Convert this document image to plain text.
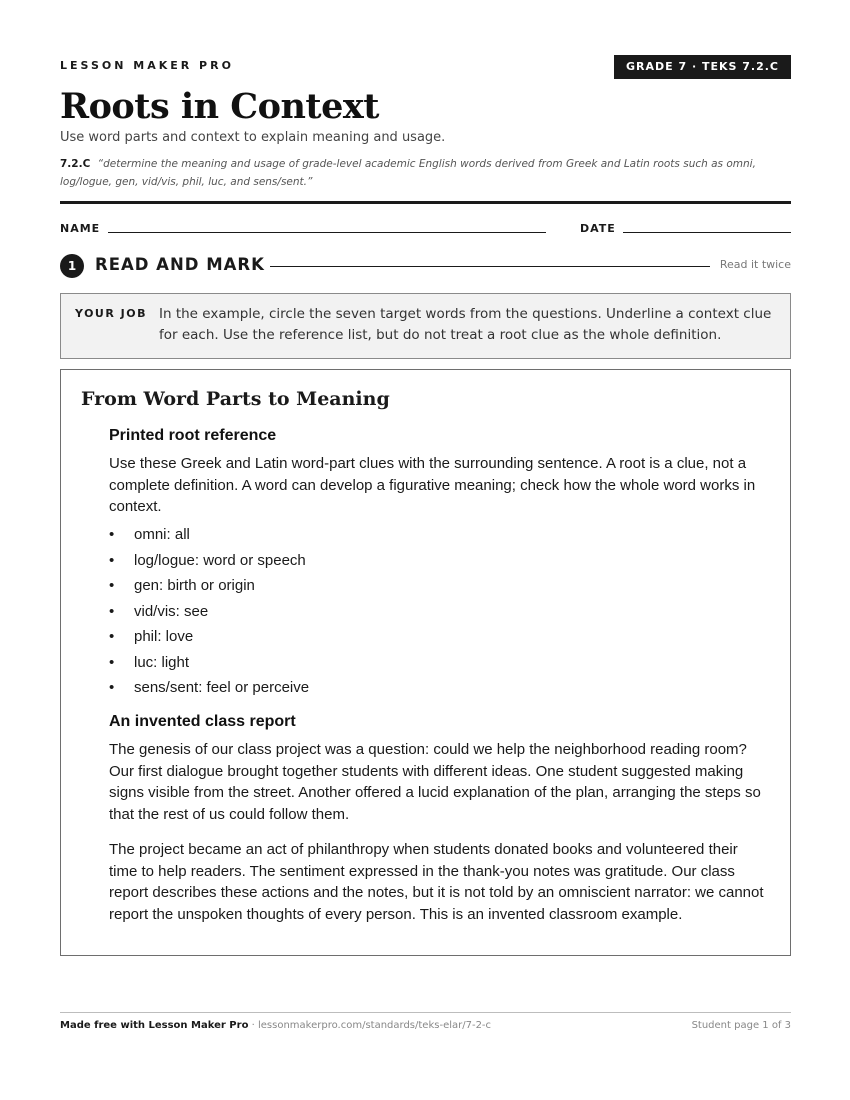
LESSON MAKER PRO	GRADE 7 · TEKS 7.2.C
Roots in Context

Use word parts and context to explain meaning and usage.

7.2.C “determine the meaning and usage of grade-level academic English words derived from Greek and Latin roots such as omni, log/logue, gen, vid/vis, phil, luc, and sens/sent.”

NAME	DATE
1	READ AND MARK	Read it twice
YOUR JOB In the example, circle the seven target words from the questions. Underline a context clue for each. Use the reference list, but do not treat a root clue as the whole definition.

From Word Parts to Meaning
Printed root reference

Use these Greek and Latin word-part clues with the surrounding sentence. A root is a clue, not a complete definition. A word can develop a figurative meaning; check how the whole word works in context.

• omni: all
• log/logue: word or speech
• gen: birth or origin
• vid/vis: see
• phil: love
• luc: light
• sens/sent: feel or perceive
An invented class report

The genesis of our class project was a question: could we help the neighborhood reading room? Our first dialogue brought together students with different ideas. One student suggested making signs visible from the street. Another offered a lucid explanation of the plan, arranging the steps so that the rest of us could follow them.

The project became an act of philanthropy when students donated books and volunteered their time to help readers. The sentiment expressed in the thank-you notes was gratitude. Our class report describes these actions and the notes, but it is not told by an omniscient narrator: we cannot report the unspoken thoughts of every person. This is an invented classroom example.

Made free with Lesson Maker Pro · lessonmakerpro.com/standards/teks-elar/7-2-c	Student page 1 of 3
